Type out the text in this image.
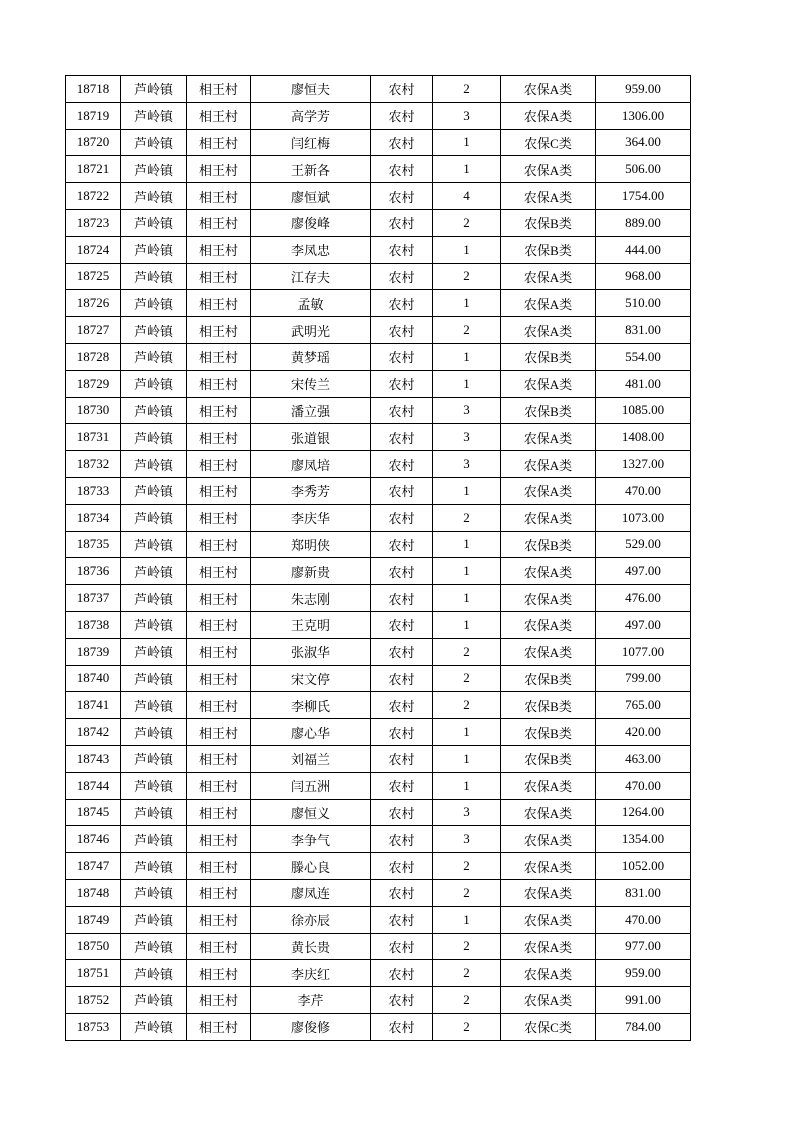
18718	芦岭镇	相王村	廖恒夫	农村	2	农保A类	959.00
18719	芦岭镇	相王村	高学芳	农村	3	农保A类	1306.00
18720	芦岭镇	相王村	闫红梅	农村	1	农保C类	364.00
18721	芦岭镇	相王村	王新各	农村	1	农保A类	506.00
18722	芦岭镇	相王村	廖恒斌	农村	4	农保A类	1754.00
18723	芦岭镇	相王村	廖俊峰	农村	2	农保B类	889.00
18724	芦岭镇	相王村	李凤忠	农村	1	农保B类	444.00
18725	芦岭镇	相王村	江存夫	农村	2	农保A类	968.00
18726	芦岭镇	相王村	孟敏	农村	1	农保A类	510.00
18727	芦岭镇	相王村	武明光	农村	2	农保A类	831.00
18728	芦岭镇	相王村	黄梦瑶	农村	1	农保B类	554.00
18729	芦岭镇	相王村	宋传兰	农村	1	农保A类	481.00
18730	芦岭镇	相王村	潘立强	农村	3	农保B类	1085.00
18731	芦岭镇	相王村	张道银	农村	3	农保A类	1408.00
18732	芦岭镇	相王村	廖凤培	农村	3	农保A类	1327.00
18733	芦岭镇	相王村	李秀芳	农村	1	农保A类	470.00
18734	芦岭镇	相王村	李庆华	农村	2	农保A类	1073.00
18735	芦岭镇	相王村	郑明侠	农村	1	农保B类	529.00
18736	芦岭镇	相王村	廖新贵	农村	1	农保A类	497.00
18737	芦岭镇	相王村	朱志刚	农村	1	农保A类	476.00
18738	芦岭镇	相王村	王克明	农村	1	农保A类	497.00
18739	芦岭镇	相王村	张淑华	农村	2	农保A类	1077.00
18740	芦岭镇	相王村	宋文停	农村	2	农保B类	799.00
18741	芦岭镇	相王村	李柳氏	农村	2	农保B类	765.00
18742	芦岭镇	相王村	廖心华	农村	1	农保B类	420.00
18743	芦岭镇	相王村	刘福兰	农村	1	农保B类	463.00
18744	芦岭镇	相王村	闫五洲	农村	1	农保A类	470.00
18745	芦岭镇	相王村	廖恒义	农村	3	农保A类	1264.00
18746	芦岭镇	相王村	李争气	农村	3	农保A类	1354.00
18747	芦岭镇	相王村	滕心良	农村	2	农保A类	1052.00
18748	芦岭镇	相王村	廖凤连	农村	2	农保A类	831.00
18749	芦岭镇	相王村	徐亦辰	农村	1	农保A类	470.00
18750	芦岭镇	相王村	黄长贵	农村	2	农保A类	977.00
18751	芦岭镇	相王村	李庆红	农村	2	农保A类	959.00
18752	芦岭镇	相王村	李芹	农村	2	农保A类	991.00
18753	芦岭镇	相王村	廖俊修	农村	2	农保C类	784.00
